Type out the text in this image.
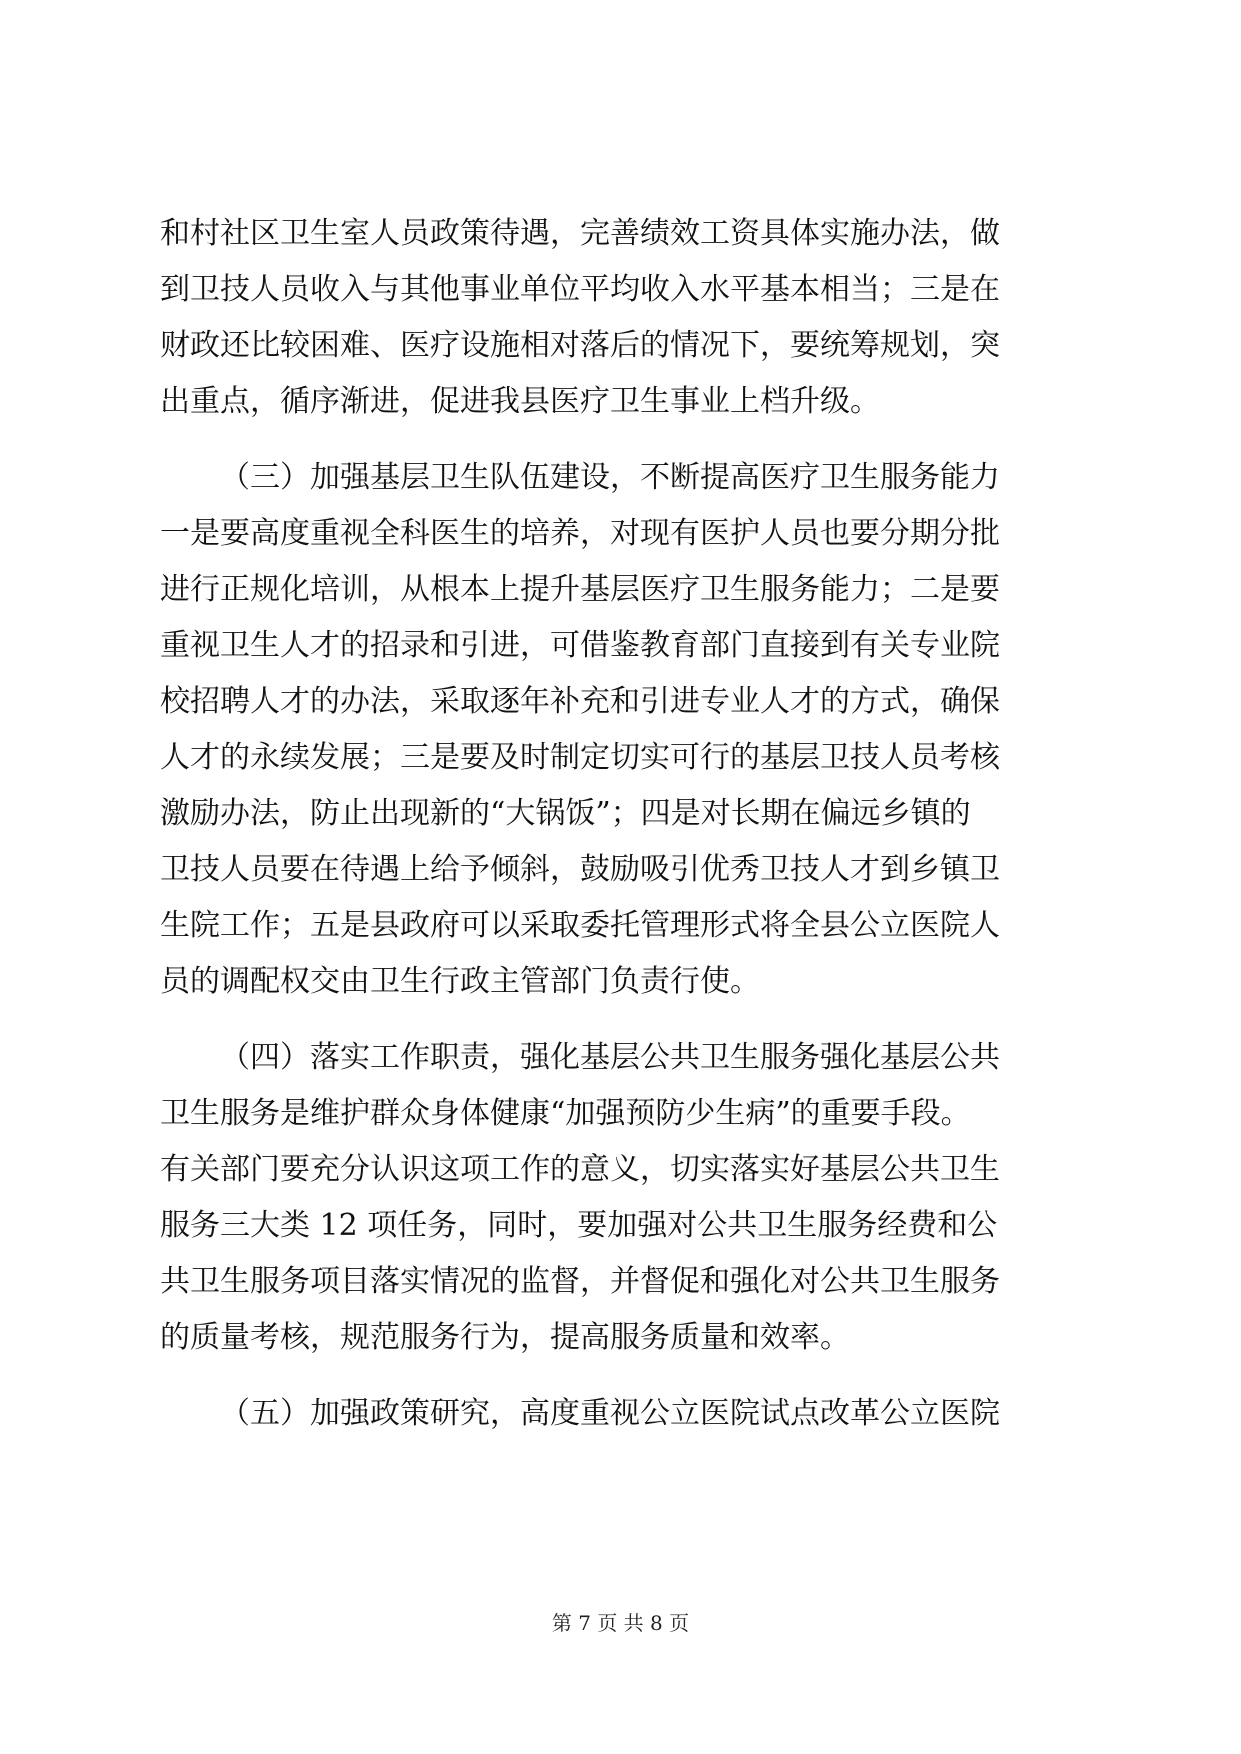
和村社区卫生室人员政策待遇，完善绩效工资具体实施办法，做
到卫技人员收入与其他事业单位平均收入水平基本相当；三是在
财政还比较困难、医疗设施相对落后的情况下，要统筹规划，突
出重点，循序渐进，促进我县医疗卫生事业上档升级。
（三）加强基层卫生队伍建设，不断提高医疗卫生服务能力
一是要高度重视全科医生的培养，对现有医护人员也要分期分批
进行正规化培训，从根本上提升基层医疗卫生服务能力；二是要
重视卫生人才的招录和引进，可借鉴教育部门直接到有关专业院
校招聘人才的办法，采取逐年补充和引进专业人才的方式，确保
人才的永续发展；三是要及时制定切实可行的基层卫技人员考核
激励办法，防止出现新的“大锅饭”；四是对长期在偏远乡镇的
卫技人员要在待遇上给予倾斜，鼓励吸引优秀卫技人才到乡镇卫
生院工作；五是县政府可以采取委托管理形式将全县公立医院人
员的调配权交由卫生行政主管部门负责行使。
（四）落实工作职责，强化基层公共卫生服务强化基层公共
卫生服务是维护群众身体健康“加强预防少生病”的重要手段。
有关部门要充分认识这项工作的意义，切实落实好基层公共卫生
服务三大类 12 项任务，同时，要加强对公共卫生服务经费和公
共卫生服务项目落实情况的监督，并督促和强化对公共卫生服务
的质量考核，规范服务行为，提高服务质量和效率。
（五）加强政策研究，高度重视公立医院试点改革公立医院
第 7 页 共 8 页
